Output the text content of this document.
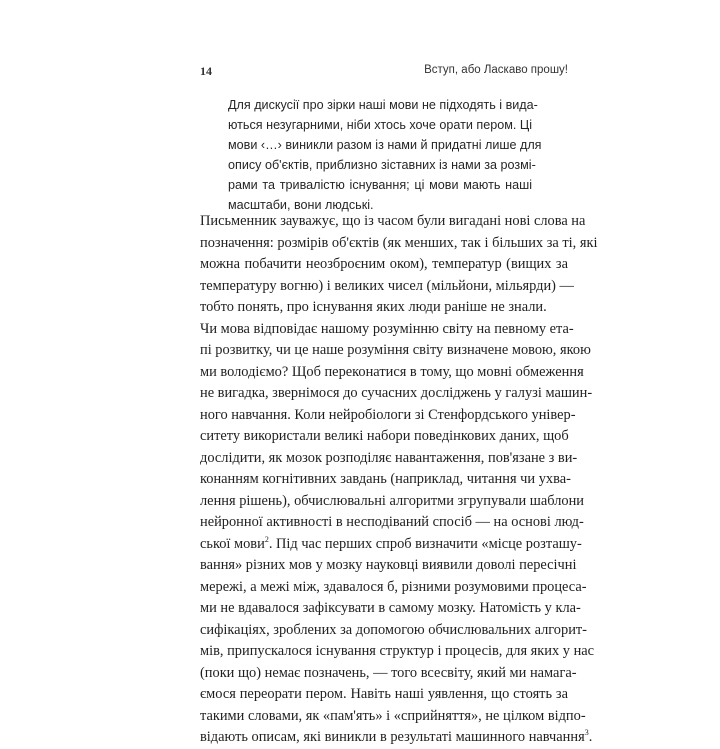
14	Вступ, або Ласкаво прошу!
Для дискусії про зірки наші мови не підходять і вида-
ються незугарними, ніби хтось хоче орати пером. Ці
мови ‹…› виникли разом із нами й придатні лише для
опису об'єктів, приблизно зіставних із нами за розмі-
рами та тривалістю існування; ці мови мають наші
масштаби, вони людські.
Письменник зауважує, що із часом були вигадані нові слова на
позначення: розмірів об'єктів (як менших, так і більших за ті, які
можна побачити неозброєним оком), температур (вищих за
температуру вогню) і великих чисел (мільйони, мільярди) —
тобто понять, про існування яких люди раніше не знали.
Чи мова відповідає нашому розумінню світу на певному ета-
пі розвитку, чи це наше розуміння світу визначене мовою, якою
ми володіємо? Щоб переконатися в тому, що мовні обмеження
не вигадка, звернімося до сучасних досліджень у галузі машин-
ного навчання. Коли нейробіологи зі Стенфордського універ-
ситету використали великі набори поведінкових даних, щоб
дослідити, як мозок розподіляє навантаження, пов'язане з ви-
конанням когнітивних завдань (наприклад, читання чи ухва-
лення рішень), обчислювальні алгоритми згрупували шаблони
нейронної активності в несподіваний спосіб — на основі люд-
ської мови$^2$. Під час перших спроб визначити «місце розташу-
вання» різних мов у мозку науковці виявили доволі пересічні
мережі, а межі між, здавалося б, різними розумовими процеса-
ми не вдавалося зафіксувати в самому мозку. Натомість у кла-
сифікаціях, зроблених за допомогою обчислювальних алгорит-
мів, припускалося існування структур і процесів, для яких у нас
(поки що) немає позначень, — того всесвіту, який ми намага-
ємося переорати пером. Навіть наші уявлення, що стоять за
такими словами, як «пам'ять» і «сприйняття», не цілком відпо-
відають описам, які виникли в результаті машинного навчання$^3$.
